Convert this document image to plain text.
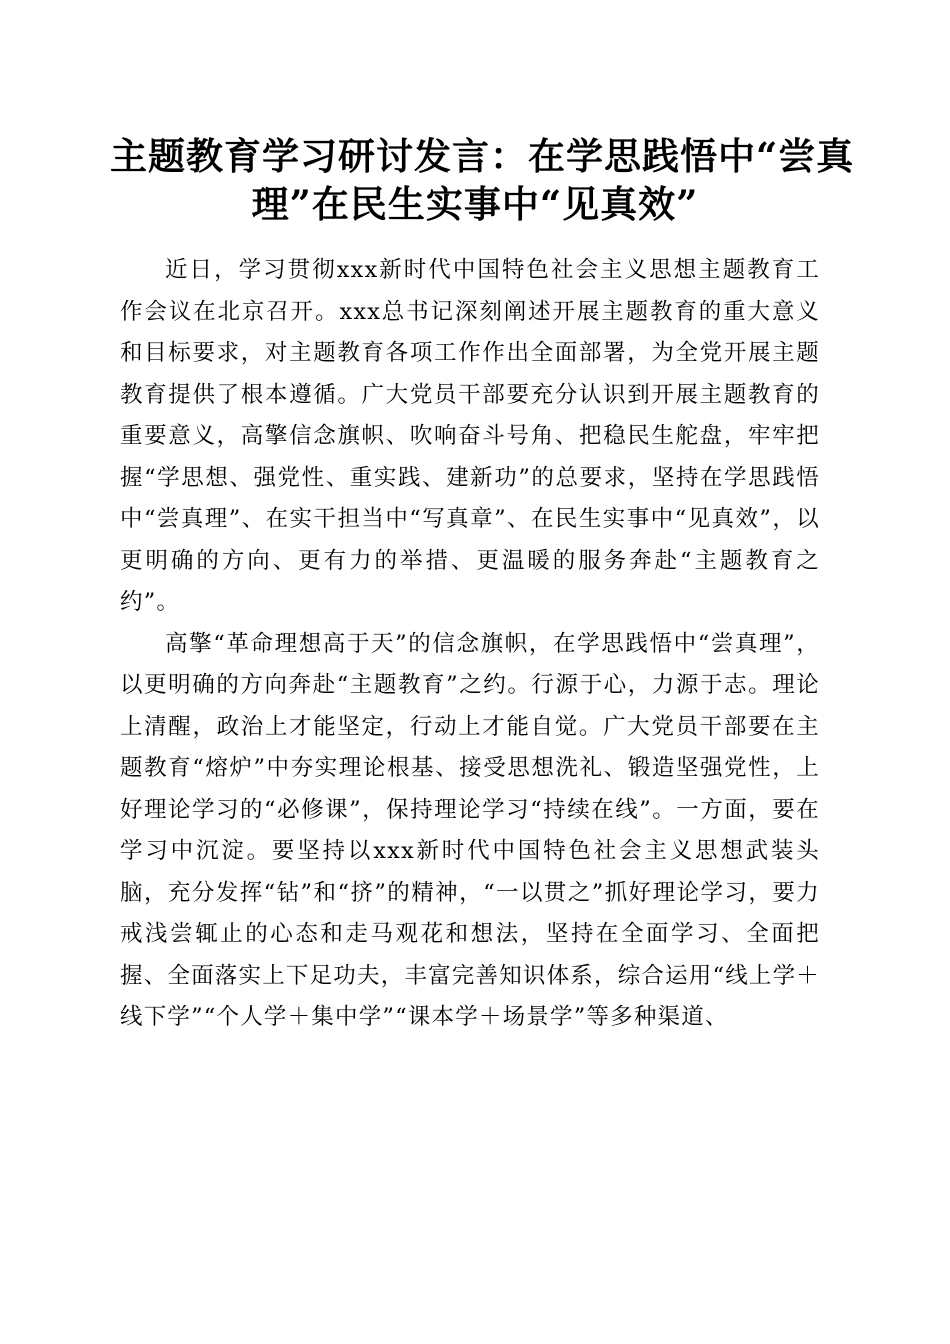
主题教育学习研讨发言：在学思践悟中“尝真
理”在民生实事中“见真效”

近日，学习贯彻xxx新时代中国特色社会主义思想主题教育工作会议在北京召开。xxx总书记深刻阐述开展主题教育的重大意义和目标要求，对主题教育各项工作作出全面部署，为全党开展主题教育提供了根本遵循。广大党员干部要充分认识到开展主题教育的重要意义，高擎信念旗帜、吹响奋斗号角、把稳民生舵盘，牢牢把握“学思想、强党性、重实践、建新功”的总要求，坚持在学思践悟中“尝真理”、在实干担当中“写真章”、在民生实事中“见真效”，以更明确的方向、更有力的举措、更温暖的服务奔赴“主题教育之约”。

高擎“革命理想高于天”的信念旗帜，在学思践悟中“尝真理”，以更明确的方向奔赴“主题教育”之约。行源于心，力源于志。理论上清醒，政治上才能坚定，行动上才能自觉。广大党员干部要在主题教育“熔炉”中夯实理论根基、接受思想洗礼、锻造坚强党性，上好理论学习的“必修课”，保持理论学习“持续在线”。一方面，要在学习中沉淀。要坚持以xxx新时代中国特色社会主义思想武装头脑，充分发挥“钻”和“挤”的精神，“一以贯之”抓好理论学习，要力戒浅尝辄止的心态和走马观花和想法，坚持在全面学习、全面把握、全面落实上下足功夫，丰富完善知识体系，综合运用“线上学＋线下学”“个人学＋集中学”“课本学＋场景学”等多种渠道、
